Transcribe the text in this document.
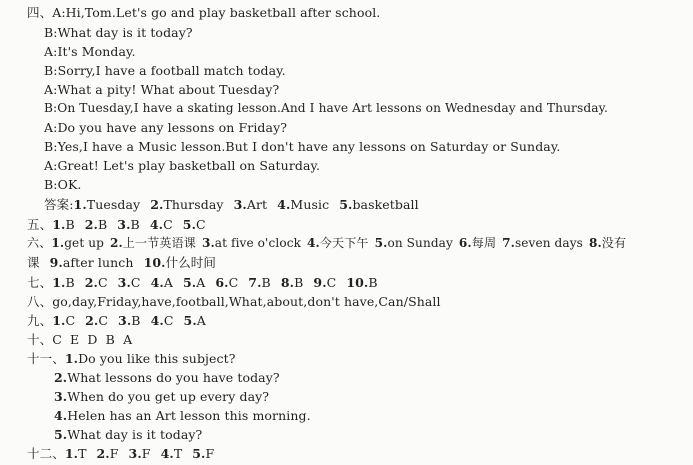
四、A:Hi,Tom.Let's go and play basketball after school.
B:What day is it today?
A:It's Monday.
B:Sorry,I have a football match today.
A:What a pity! What about Tuesday?
B:On Tuesday,I have a skating lesson.And I have Art lessons on Wednesday and Thursday.
A:Do you have any lessons on Friday?
B:Yes,I have a Music lesson.But I don't have any lessons on Saturday or Sunday.
A:Great! Let's play basketball on Saturday.
B:OK.
答案:1.Tuesday 2.Thursday 3.Art 4.Music 5.basketball
五、1.B 2.B 3.B 4.C 5.C
六、1.get up 2.上一节英语课 3.at five o'clock 4.今天下午 5.on Sunday 6.每周 7.seven days 8.没有
课 9.after lunch 10.什么时间
七、1.B 2.C 3.C 4.A 5.A 6.C 7.B 8.B 9.C 10.B
八、go,day,Friday,have,football,What,about,don't have,Can/Shall
九、1.C 2.C 3.B 4.C 5.A
十、C  E  D  B  A
十一、1.Do you like this subject?
2.What lessons do you have today?
3.When do you get up every day?
4.Helen has an Art lesson this morning.
5.What day is it today?
十二、1.T 2.F 3.F 4.T 5.F
